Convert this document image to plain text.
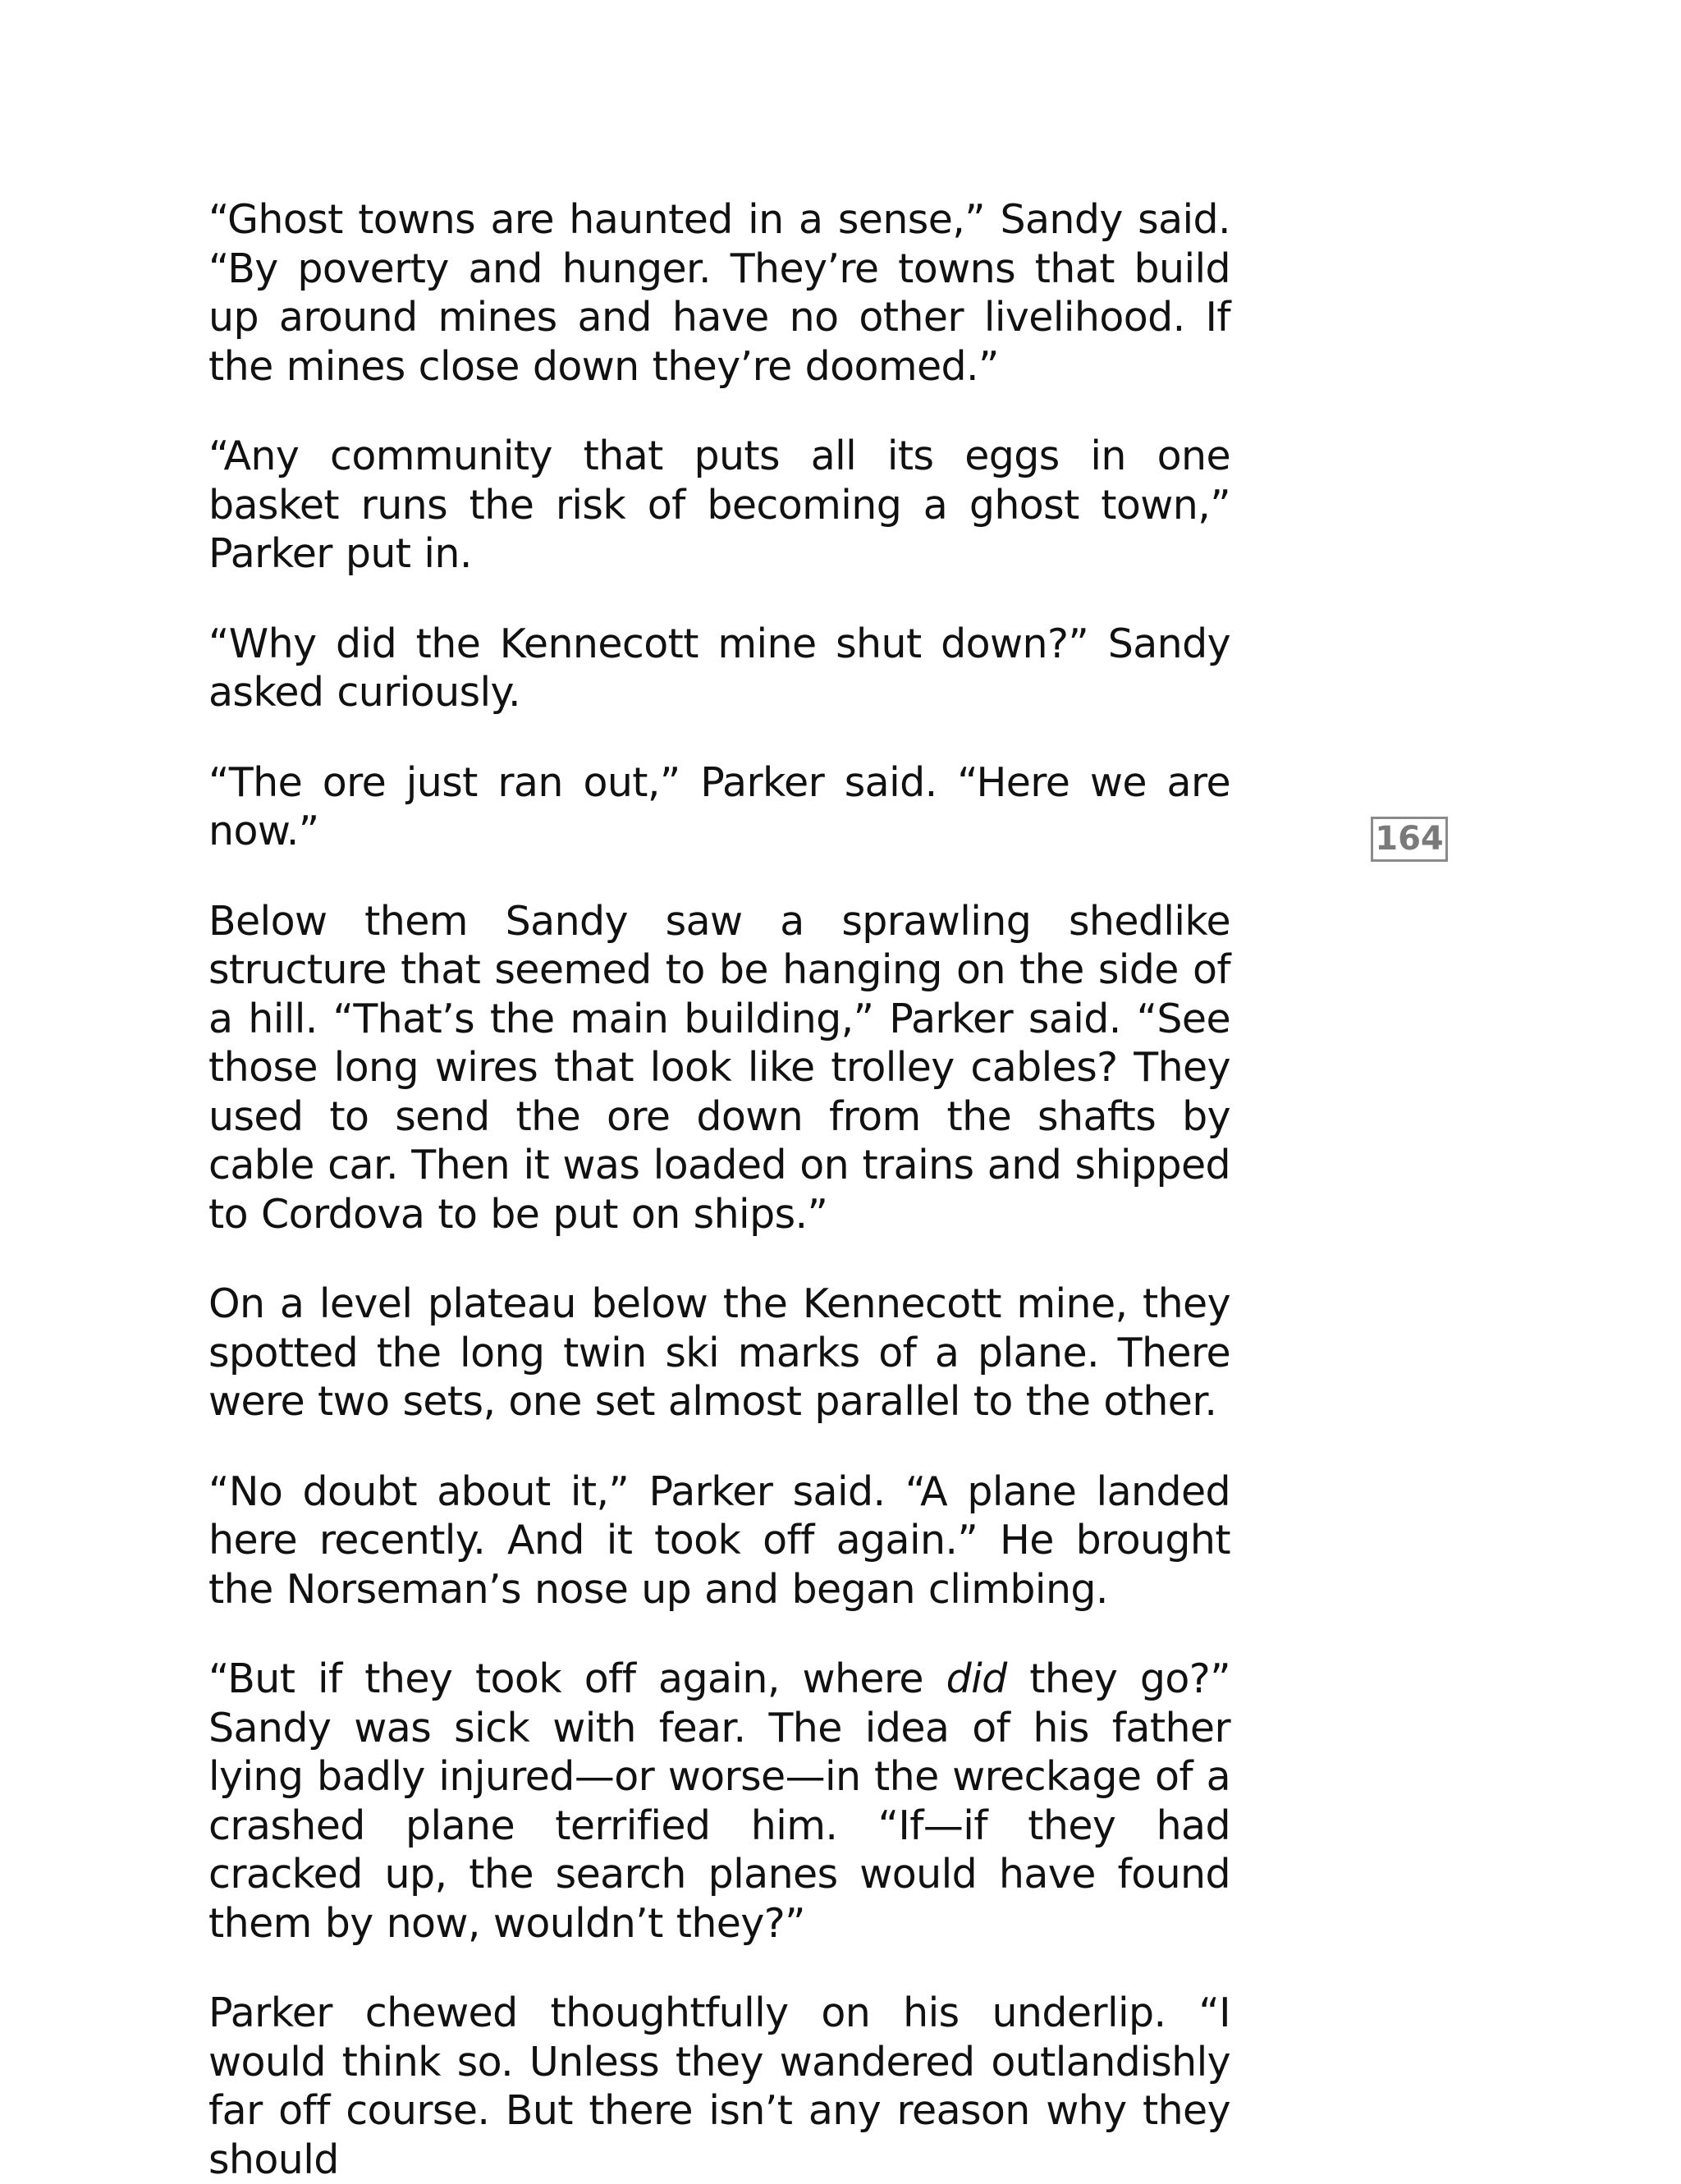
“Ghost towns are haunted in a sense,” Sandy said. “By poverty and hunger. They’re towns that build up around mines and have no other livelihood. If the mines close down they’re doomed.”

“Any community that puts all its eggs in one basket runs the risk of becoming a ghost town,” Parker put in.

“Why did the Kennecott mine shut down?” Sandy asked curiously.

“The ore just ran out,” Parker said. “Here we are now.”

Below them Sandy saw a sprawling shedlike structure that seemed to be hanging on the side of a hill. “That’s the main building,” Parker said. “See those long wires that look like trolley cables? They used to send the ore down from the shafts by cable car. Then it was loaded on trains and shipped to Cordova to be put on ships.”

On a level plateau below the Kennecott mine, they spotted the long twin ski marks of a plane. There were two sets, one set almost parallel to the other.

“No doubt about it,” Parker said. “A plane landed here recently. And it took off again.” He brought the Norseman’s nose up and began climbing.

“But if they took off again, where did they go?” Sandy was sick with fear. The idea of his father lying badly injured—or worse—in the wreckage of a crashed plane terrified him. “If—if they had cracked up, the search planes would have found them by now, wouldn’t they?”

Parker chewed thoughtfully on his underlip. “I would think so. Unless they wandered outlandishly far off course. But there isn’t any reason why they should

164
